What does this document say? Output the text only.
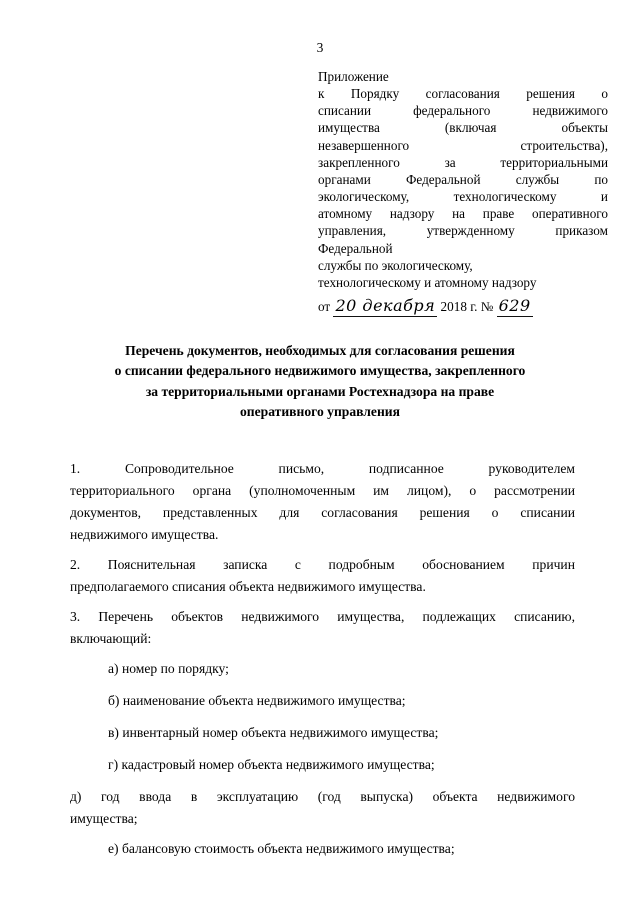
3
Приложение
к Порядку согласования решения о
списании федерального недвижимого
имущества (включая объекты
незавершенного строительства),
закрепленного за территориальными
органами Федеральной службы по
экологическому, технологическому и
атомному надзору на праве оперативного
управления, утвержденному приказом
Федеральной
службы по экологическому,
технологическому и атомному надзору
от 20 декабря 2018 г. № 629
Перечень документов, необходимых для согласования решения
о списании федерального недвижимого имущества, закрепленного
за территориальными органами Ростехнадзора на праве
оперативного управления

1. Сопроводительное письмо, подписанное руководителем
территориального органа (уполномоченным им лицом), о рассмотрении
документов, представленных для согласования решения о списании
недвижимого имущества.

2. Пояснительная записка с подробным обоснованием причин
предполагаемого списания объекта недвижимого имущества.

3. Перечень объектов недвижимого имущества, подлежащих списанию,
включающий:

а) номер по порядку;

б) наименование объекта недвижимого имущества;

в) инвентарный номер объекта недвижимого имущества;

г) кадастровый номер объекта недвижимого имущества;

д) год ввода в эксплуатацию (год выпуска) объекта недвижимого
имущества;

е) балансовую стоимость объекта недвижимого имущества;
